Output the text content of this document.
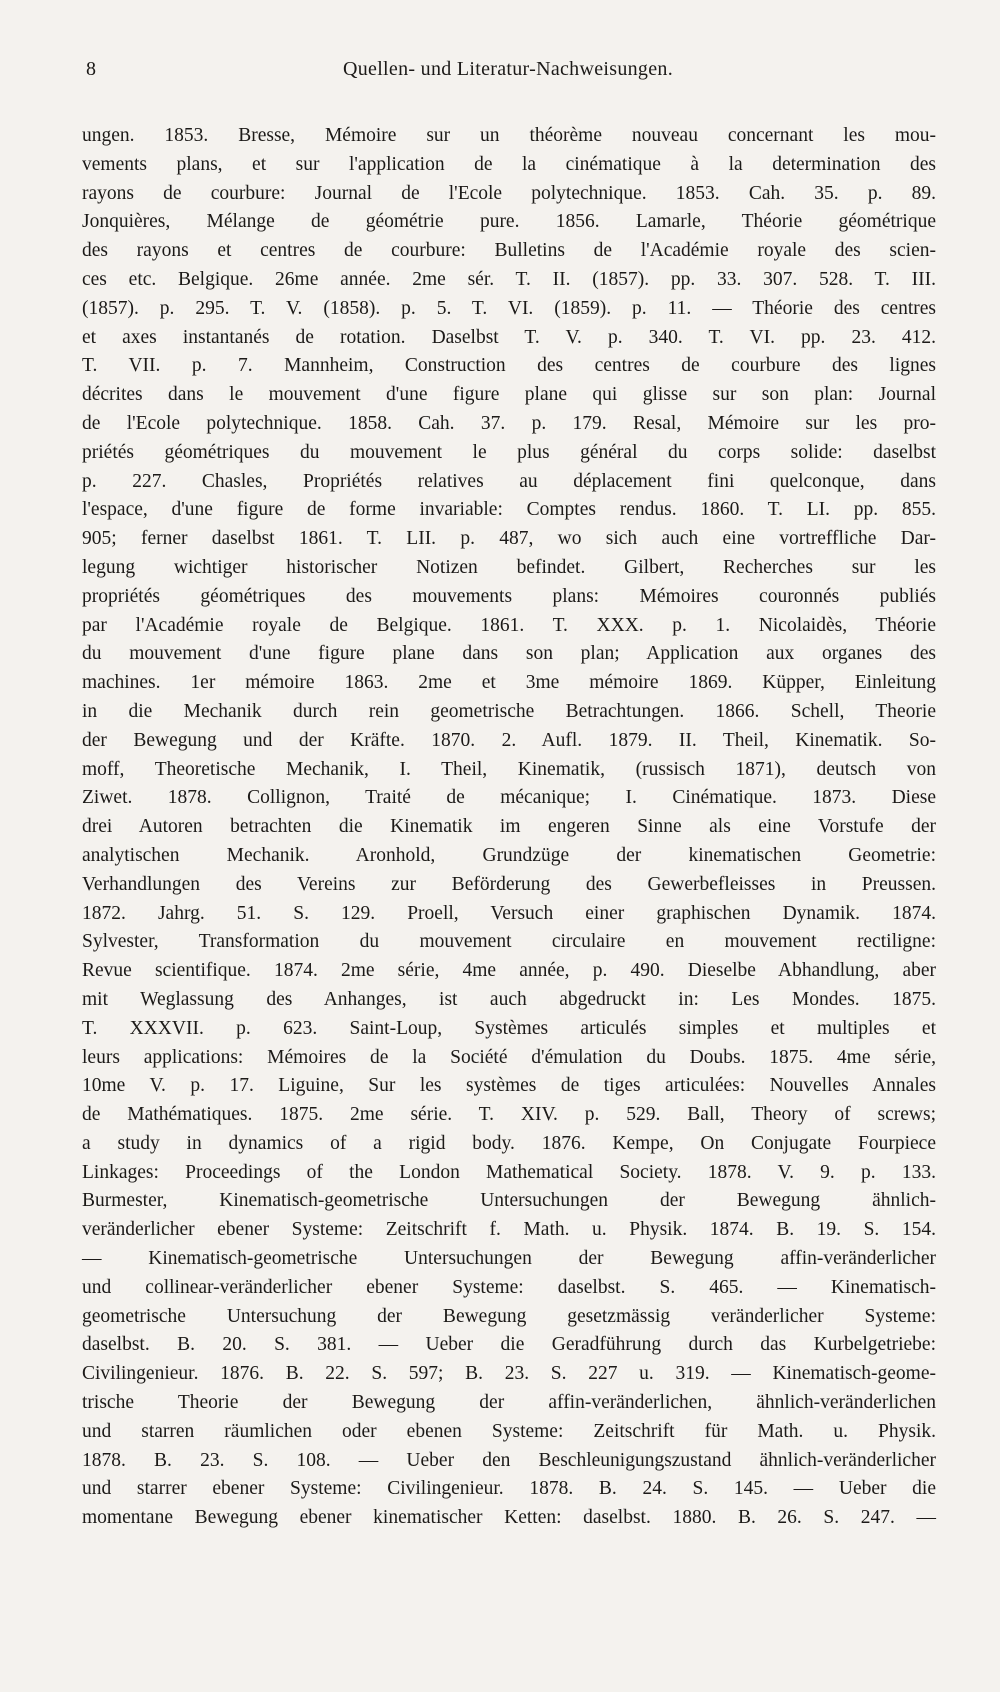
8	Quellen- und Literatur-Nachweisungen.
ungen. 1853. Bresse, Mémoire sur un théorème nouveau concernant les mou-
vements plans, et sur l'application de la cinématique à la determination des
rayons de courbure: Journal de l'Ecole polytechnique. 1853. Cah. 35. p. 89.
Jonquières, Mélange de géométrie pure. 1856. Lamarle, Théorie géométrique
des rayons et centres de courbure: Bulletins de l'Académie royale des scien-
ces etc. Belgique. 26me année. 2me sér. T. II. (1857). pp. 33. 307. 528. T. III.
(1857). p. 295. T. V. (1858). p. 5. T. VI. (1859). p. 11. — Théorie des centres
et axes instantanés de rotation. Daselbst T. V. p. 340. T. VI. pp. 23. 412.
T. VII. p. 7. Mannheim, Construction des centres de courbure des lignes
décrites dans le mouvement d'une figure plane qui glisse sur son plan: Journal
de l'Ecole polytechnique. 1858. Cah. 37. p. 179. Resal, Mémoire sur les pro-
priétés géométriques du mouvement le plus général du corps solide: daselbst
p. 227. Chasles, Propriétés relatives au déplacement fini quelconque, dans
l'espace, d'une figure de forme invariable: Comptes rendus. 1860. T. LI. pp. 855.
905; ferner daselbst 1861. T. LII. p. 487, wo sich auch eine vortreffliche Dar-
legung wichtiger historischer Notizen befindet. Gilbert, Recherches sur les
propriétés géométriques des mouvements plans: Mémoires couronnés publiés
par l'Académie royale de Belgique. 1861. T. XXX. p. 1. Nicolaidès, Théorie
du mouvement d'une figure plane dans son plan; Application aux organes des
machines. 1er mémoire 1863. 2me et 3me mémoire 1869. Küpper, Einleitung
in die Mechanik durch rein geometrische Betrachtungen. 1866. Schell, Theorie
der Bewegung und der Kräfte. 1870. 2. Aufl. 1879. II. Theil, Kinematik. So-
moff, Theoretische Mechanik, I. Theil, Kinematik, (russisch 1871), deutsch von
Ziwet. 1878. Collignon, Traité de mécanique; I. Cinématique. 1873. Diese
drei Autoren betrachten die Kinematik im engeren Sinne als eine Vorstufe der
analytischen Mechanik. Aronhold, Grundzüge der kinematischen Geometrie:
Verhandlungen des Vereins zur Beförderung des Gewerbefleisses in Preussen.
1872. Jahrg. 51. S. 129. Proell, Versuch einer graphischen Dynamik. 1874.
Sylvester, Transformation du mouvement circulaire en mouvement rectiligne:
Revue scientifique. 1874. 2me série, 4me année, p. 490. Dieselbe Abhandlung, aber
mit Weglassung des Anhanges, ist auch abgedruckt in: Les Mondes. 1875.
T. XXXVII. p. 623. Saint-Loup, Systèmes articulés simples et multiples et
leurs applications: Mémoires de la Société d'émulation du Doubs. 1875. 4me série,
10me V. p. 17. Liguine, Sur les systèmes de tiges articulées: Nouvelles Annales
de Mathématiques. 1875. 2me série. T. XIV. p. 529. Ball, Theory of screws;
a study in dynamics of a rigid body. 1876. Kempe, On Conjugate Fourpiece
Linkages: Proceedings of the London Mathematical Society. 1878. V. 9. p. 133.
Burmester, Kinematisch-geometrische Untersuchungen der Bewegung ähnlich-
veränderlicher ebener Systeme: Zeitschrift f. Math. u. Physik. 1874. B. 19. S. 154.
— Kinematisch-geometrische Untersuchungen der Bewegung affin-veränderlicher
und collinear-veränderlicher ebener Systeme: daselbst. S. 465. — Kinematisch-
geometrische Untersuchung der Bewegung gesetzmässig veränderlicher Systeme:
daselbst. B. 20. S. 381. — Ueber die Geradführung durch das Kurbelgetriebe:
Civilingenieur. 1876. B. 22. S. 597; B. 23. S. 227 u. 319. — Kinematisch-geome-
trische Theorie der Bewegung der affin-veränderlichen, ähnlich-veränderlichen
und starren räumlichen oder ebenen Systeme: Zeitschrift für Math. u. Physik.
1878. B. 23. S. 108. — Ueber den Beschleunigungszustand ähnlich-veränderlicher
und starrer ebener Systeme: Civilingenieur. 1878. B. 24. S. 145. — Ueber die
momentane Bewegung ebener kinematischer Ketten: daselbst. 1880. B. 26. S. 247. —
